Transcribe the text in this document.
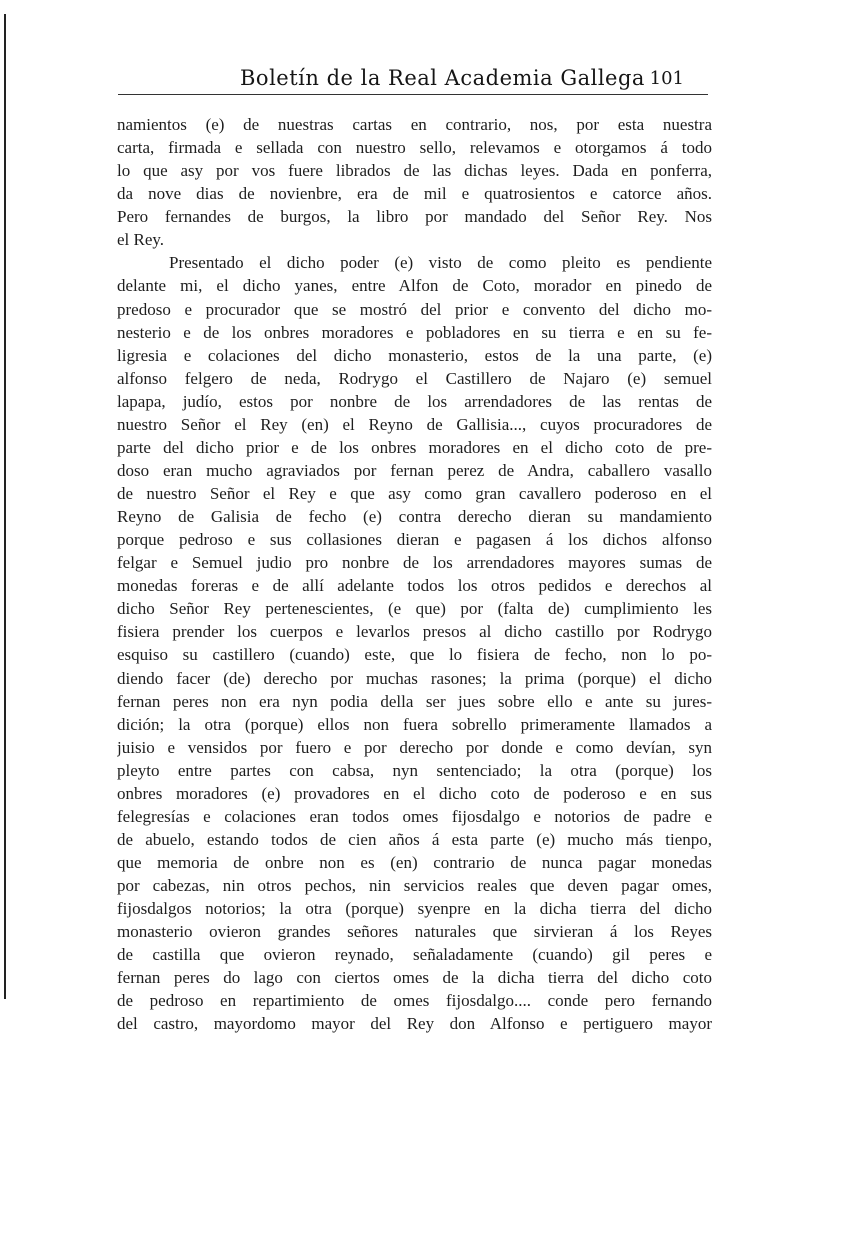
Boletín de la Real Academia Gallega 101
namientos (e) de nuestras cartas en contrario, nos, por esta nuestra
carta, firmada e sellada con nuestro sello, relevamos e otorgamos á todo
lo que asy por vos fuere librados de las dichas leyes. Dada en ponferra,
da nove dias de novienbre, era de mil e quatrosientos e catorce años.
Pero fernandes de burgos, la libro por mandado del Señor Rey. Nos
el Rey.
Presentado el dicho poder (e) visto de como pleito es pendiente
delante mi, el dicho yanes, entre Alfon de Coto, morador en pinedo de
predoso e procurador que se mostró del prior e convento del dicho mo-
nesterio e de los onbres moradores e pobladores en su tierra e en su fe-
ligresia e colaciones del dicho monasterio, estos de la una parte, (e)
alfonso felgero de neda, Rodrygo el Castillero de Najaro (e) semuel
lapapa, judío, estos por nonbre de los arrendadores de las rentas de
nuestro Señor el Rey (en) el Reyno de Gallisia..., cuyos procuradores de
parte del dicho prior e de los onbres moradores en el dicho coto de pre-
doso eran mucho agraviados por fernan perez de Andra, caballero vasallo
de nuestro Señor el Rey e que asy como gran cavallero poderoso en el
Reyno de Galisia de fecho (e) contra derecho dieran su mandamiento
porque pedroso e sus collasiones dieran e pagasen á los dichos alfonso
felgar e Semuel judio pro nonbre de los arrendadores mayores sumas de
monedas foreras e de allí adelante todos los otros pedidos e derechos al
dicho Señor Rey pertenescientes, (e que) por (falta de) cumplimiento les
fisiera prender los cuerpos e levarlos presos al dicho castillo por Rodrygo
esquiso su castillero (cuando) este, que lo fisiera de fecho, non lo po-
diendo facer (de) derecho por muchas rasones; la prima (porque) el dicho
fernan peres non era nyn podia della ser jues sobre ello e ante su jures-
dición; la otra (porque) ellos non fuera sobrello primeramente llamados a
juisio e vensidos por fuero e por derecho por donde e como devían, syn
pleyto entre partes con cabsa, nyn sentenciado; la otra (porque) los
onbres moradores (e) provadores en el dicho coto de poderoso e en sus
felegresías e colaciones eran todos omes fijosdalgo e notorios de padre e
de abuelo, estando todos de cien años á esta parte (e) mucho más tienpo,
que memoria de onbre non es (en) contrario de nunca pagar monedas
por cabezas, nin otros pechos, nin servicios reales que deven pagar omes,
fijosdalgos notorios; la otra (porque) syenpre en la dicha tierra del dicho
monasterio ovieron grandes señores naturales que sirvieran á los Reyes
de castilla que ovieron reynado, señaladamente (cuando) gil peres e
fernan peres do lago con ciertos omes de la dicha tierra del dicho coto
de pedroso en repartimiento de omes fijosdalgo.... conde pero fernando
del castro, mayordomo mayor del Rey don Alfonso e pertiguero mayor
